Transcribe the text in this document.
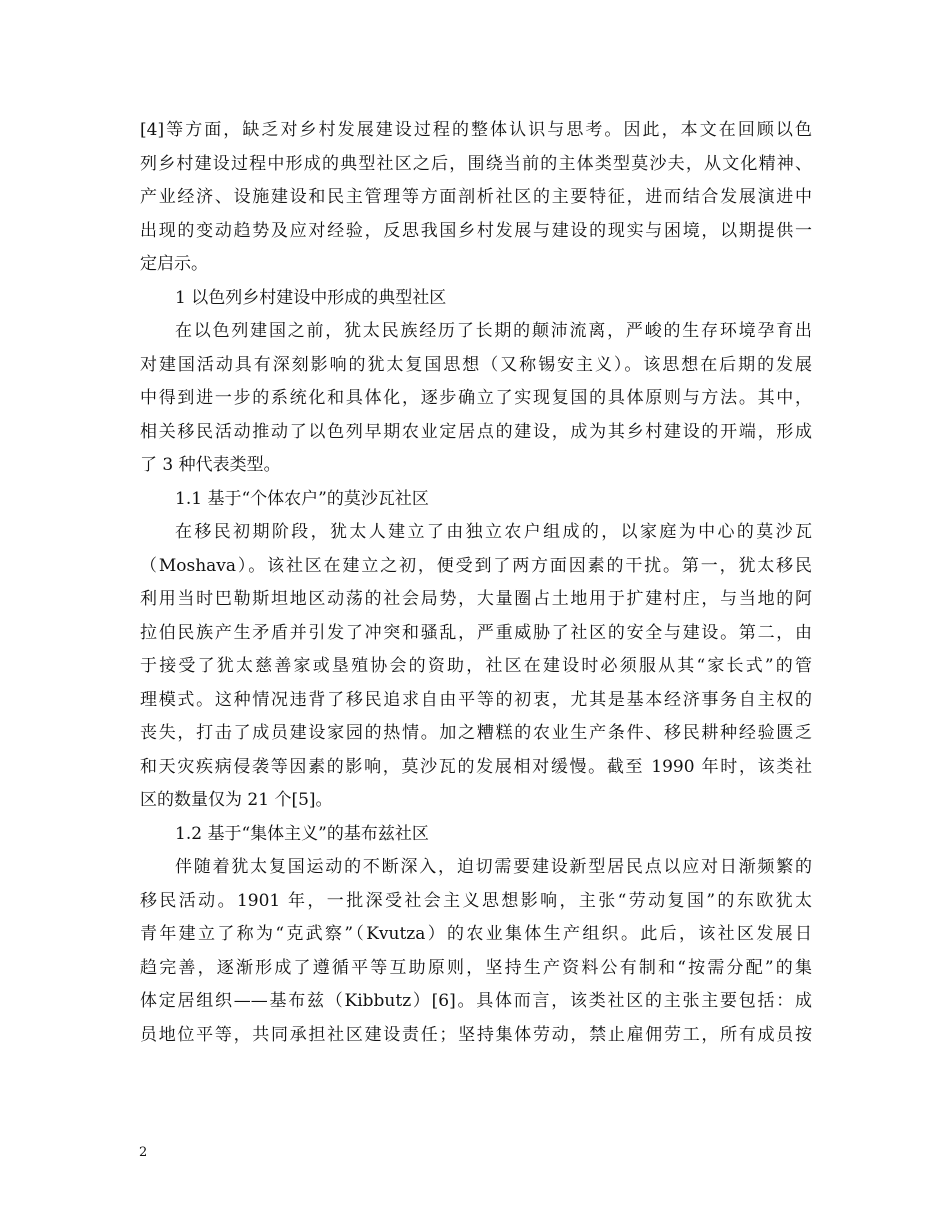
[4]等方面，缺乏对乡村发展建设过程的整体认识与思考。因此，本文在回顾以色
列乡村建设过程中形成的典型社区之后，围绕当前的主体类型莫沙夫，从文化精神、
产业经济、设施建设和民主管理等方面剖析社区的主要特征，进而结合发展演进中
出现的变动趋势及应对经验，反思我国乡村发展与建设的现实与困境，以期提供一
定启示。
1 以色列乡村建设中形成的典型社区
在以色列建国之前，犹太民族经历了长期的颠沛流离，严峻的生存环境孕育出
对建国活动具有深刻影响的犹太复国思想（又称锡安主义）。该思想在后期的发展
中得到进一步的系统化和具体化，逐步确立了实现复国的具体原则与方法。其中，
相关移民活动推动了以色列早期农业定居点的建设，成为其乡村建设的开端，形成
了 3 种代表类型。
1.1 基于“个体农户”的莫沙瓦社区
在移民初期阶段，犹太人建立了由独立农户组成的，以家庭为中心的莫沙瓦
（Moshava）。该社区在建立之初，便受到了两方面因素的干扰。第一，犹太移民
利用当时巴勒斯坦地区动荡的社会局势，大量圈占土地用于扩建村庄，与当地的阿
拉伯民族产生矛盾并引发了冲突和骚乱，严重威胁了社区的安全与建设。第二，由
于接受了犹太慈善家或垦殖协会的资助，社区在建设时必须服从其“家长式”的管
理模式。这种情况违背了移民追求自由平等的初衷，尤其是基本经济事务自主权的
丧失，打击了成员建设家园的热情。加之糟糕的农业生产条件、移民耕种经验匮乏
和天灾疾病侵袭等因素的影响，莫沙瓦的发展相对缓慢。截至 1990 年时，该类社
区的数量仅为 21 个[5]。
1.2 基于“集体主义”的基布兹社区
伴随着犹太复国运动的不断深入，迫切需要建设新型居民点以应对日渐频繁的
移民活动。1901 年，一批深受社会主义思想影响，主张“劳动复国”的东欧犹太
青年建立了称为“克武察”（Kvutza）的农业集体生产组织。此后，该社区发展日
趋完善，逐渐形成了遵循平等互助原则，坚持生产资料公有制和“按需分配”的集
体定居组织——基布兹（Kibbutz）[6]。具体而言，该类社区的主张主要包括：成
员地位平等，共同承担社区建设责任；坚持集体劳动，禁止雇佣劳工，所有成员按
2
